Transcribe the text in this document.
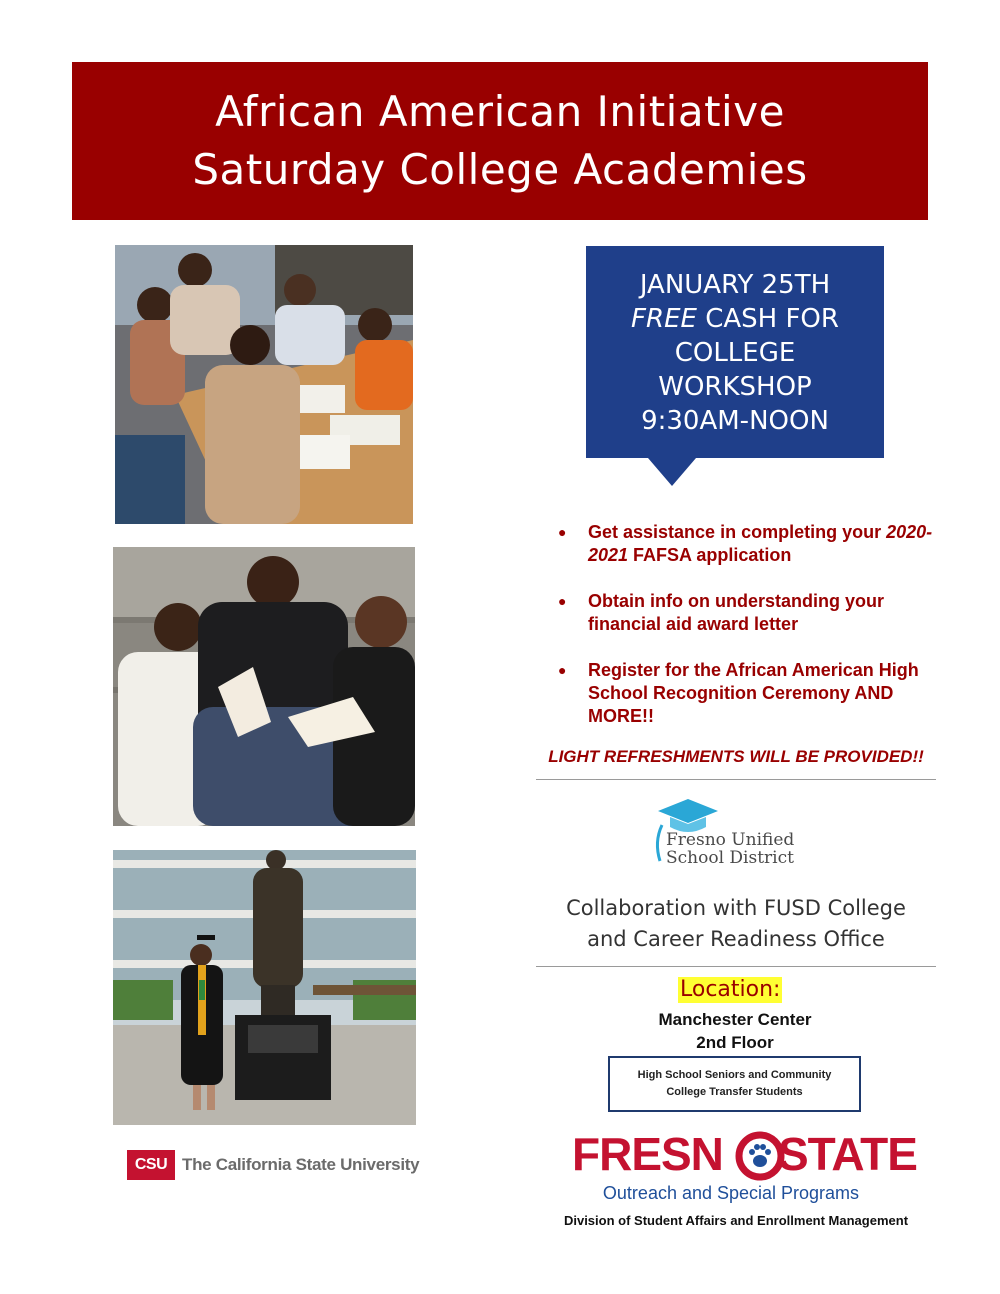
African American Initiative
Saturday College Academies
JANUARY 25TH
FREE CASH FOR
COLLEGE
WORKSHOP
9:30AM-NOON
● Get assistance in completing your 2020-2021 FAFSA application
● Obtain info on understanding your financial aid award letter
● Register for the African American High School Recognition Ceremony AND MORE!!
LIGHT REFRESHMENTS WILL BE PROVIDED!!
Fresno Unified
School District
Collaboration with FUSD College
and Career Readiness Office
Location:
Manchester Center
2nd Floor
High School Seniors and Community
College Transfer Students
FRESN STATE
Outreach and Special Programs
Division of Student Affairs and Enrollment Management
CSU The California State University
